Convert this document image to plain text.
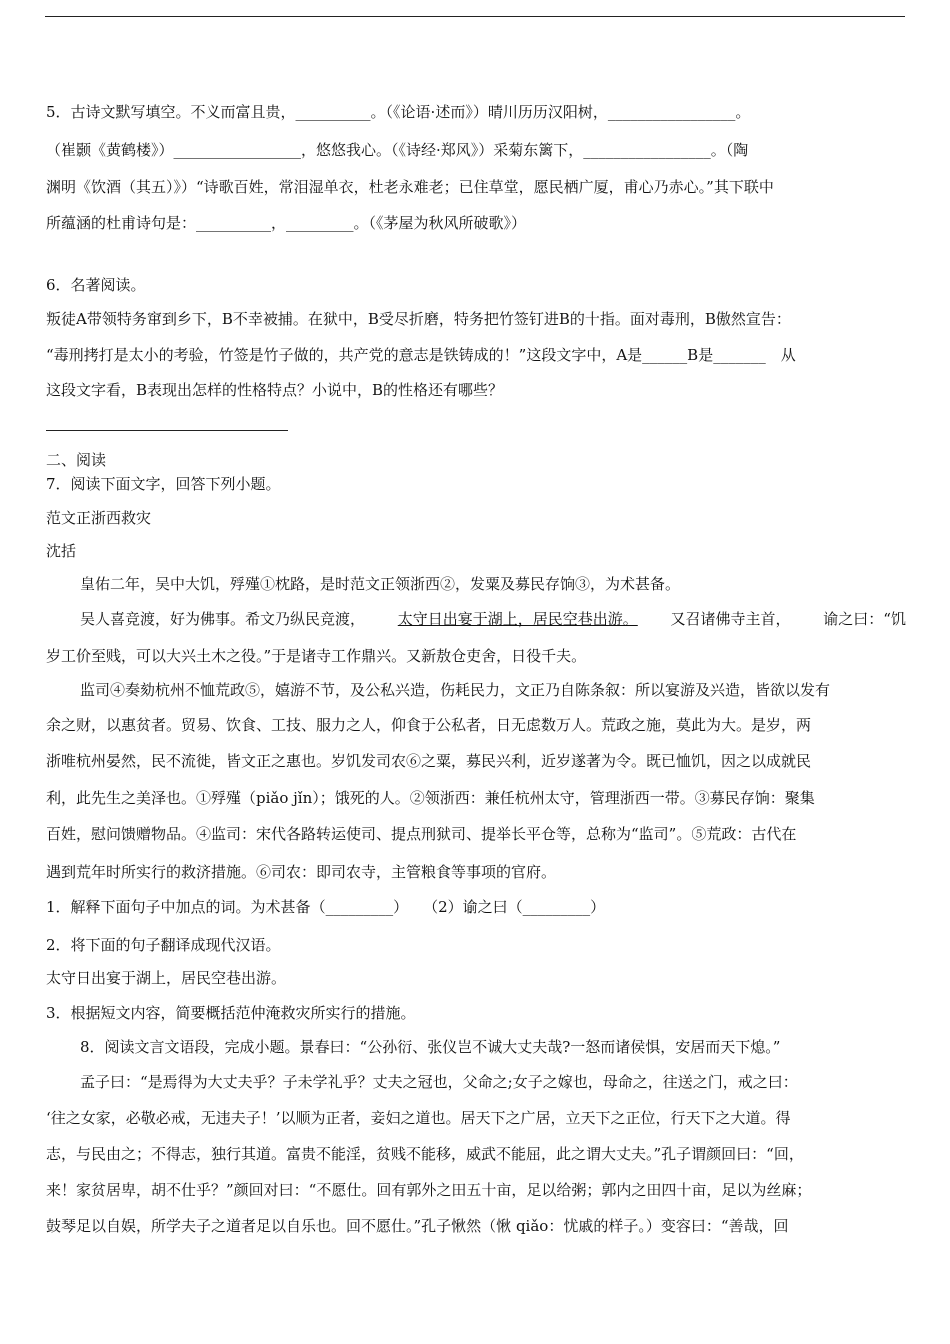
5．古诗文默写填空。不义而富且贵，__________。（《论语·述而》）晴川历历汉阳树，_________________。
（崔颢《黄鹤楼》）_________________，悠悠我心。（《诗经·郑风》）采菊东篱下，_________________。（陶
渊明《饮酒（其五）》）“诗歌百姓，常泪湿单衣，杜老永难老；已住草堂，愿民栖广厦，甫心乃赤心。”其下联中
所蕴涵的杜甫诗句是：__________，_________。（《茅屋为秋风所破歌》）
6．名著阅读。
叛徒A带领特务窜到乡下，B不幸被捕。在狱中，B受尽折磨，特务把竹签钉进B的十指。面对毒刑，B傲然宣告：
“毒刑拷打是太小的考验，竹签是竹子做的，共产党的意志是铁铸成的！”这段文字中，A是______B是_______　从
这段文字看，B表现出怎样的性格特点？小说中，B的性格还有哪些？
二、阅读
7．阅读下面文字，回答下列小题。
范文正浙西救灾
沈括
皇佑二年，吴中大饥，殍殣①枕路，是时范文正领浙西②，发粟及募民存饷③，为术甚备。
吴人喜竞渡，好为佛事。希文乃纵民竞渡， 太守日出宴于湖上，居民空巷出游。 又召诸佛寺主首， 谕之曰：“饥
岁工价至贱，可以大兴土木之役。”于是诸寺工作鼎兴。又新敖仓吏舍，日役千夫。
监司④奏劾杭州不恤荒政⑤，嬉游不节，及公私兴造，伤耗民力，文正乃自陈条叙：所以宴游及兴造，皆欲以发有
余之财，以惠贫者。贸易、饮食、工技、服力之人，仰食于公私者，日无虑数万人。荒政之施，莫此为大。是岁，两
浙唯杭州晏然，民不流徙，皆文正之惠也。岁饥发司农⑥之粟，募民兴利，近岁遂著为令。既已恤饥，因之以成就民
利，此先生之美泽也。①殍殣（piǎo jǐn）；饿死的人。②领浙西：兼任杭州太守，管理浙西一带。③募民存饷：聚集
百姓，慰问馈赠物品。④监司：宋代各路转运使司、提点刑狱司、提举长平仓等，总称为“监司”。⑤荒政：古代在
遇到荒年时所实行的救济措施。⑥司农：即司农寺，主管粮食等事项的官府。
1．解释下面句子中加点的词。为术甚备（_________）　　（2）谕之曰（_________）
2．将下面的句子翻译成现代汉语。
太守日出宴于湖上，居民空巷出游。
3．根据短文内容，简要概括范仲淹救灾所实行的措施。
8．阅读文言文语段，完成小题。景春曰：“公孙衍、张仪岂不诚大丈夫哉?一怒而诸侯惧，安居而天下熄。”
孟子曰：“是焉得为大丈夫乎？子未学礼乎？丈夫之冠也，父命之;女子之嫁也，母命之，往送之门，戒之曰：
‘往之女家，必敬必戒，无违夫子！’以顺为正者，妾妇之道也。居天下之广居，立天下之正位，行天下之大道。得
志，与民由之；不得志，独行其道。富贵不能淫，贫贱不能移，威武不能屈，此之谓大丈夫。”孔子谓颜回曰：“回，
来！家贫居卑，胡不仕乎？”颜回对曰：“不愿仕。回有郭外之田五十亩，足以给粥；郭内之田四十亩，足以为丝麻；
鼓琴足以自娱，所学夫子之道者足以自乐也。回不愿仕。”孔子愀然（愀 qiǎo：忧戚的样子。）变容曰：“善哉，回
